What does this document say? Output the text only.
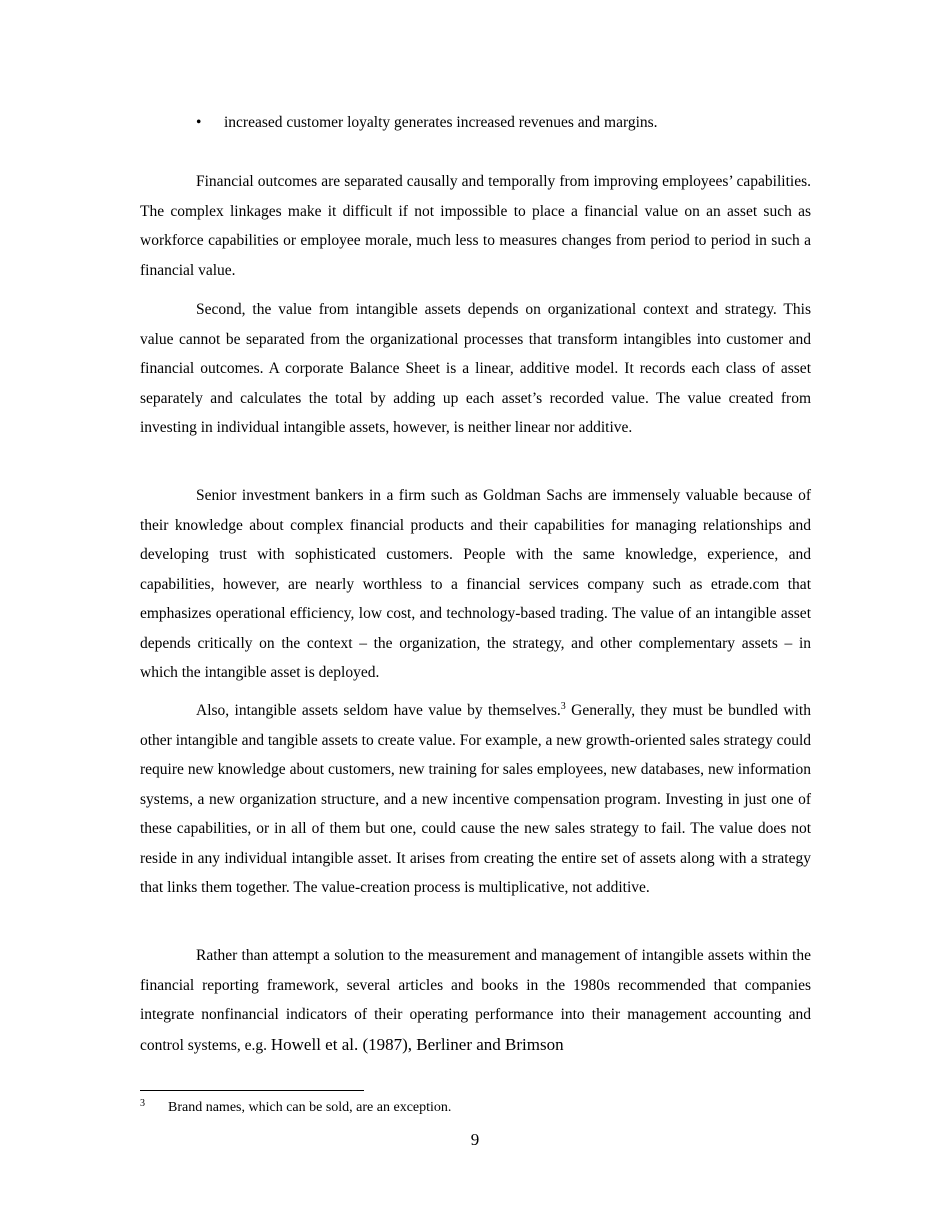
• increased customer loyalty generates increased revenues and margins.

Financial outcomes are separated causally and temporally from improving employees’ capabilities. The complex linkages make it difficult if not impossible to place a financial value on an asset such as workforce capabilities or employee morale, much less to measures changes from period to period in such a financial value.

Second, the value from intangible assets depends on organizational context and strategy. This value cannot be separated from the organizational processes that transform intangibles into customer and financial outcomes. A corporate Balance Sheet is a linear, additive model. It records each class of asset separately and calculates the total by adding up each asset’s recorded value. The value created from investing in individual intangible assets, however, is neither linear nor additive.

Senior investment bankers in a firm such as Goldman Sachs are immensely valuable because of their knowledge about complex financial products and their capabilities for managing relationships and developing trust with sophisticated customers. People with the same knowledge, experience, and capabilities, however, are nearly worthless to a financial services company such as etrade.com that emphasizes operational efficiency, low cost, and technology-based trading. The value of an intangible asset depends critically on the context – the organization, the strategy, and other complementary assets – in which the intangible asset is deployed.

Also, intangible assets seldom have value by themselves.$^3$ Generally, they must be bundled with other intangible and tangible assets to create value. For example, a new growth-oriented sales strategy could require new knowledge about customers, new training for sales employees, new databases, new information systems, a new organization structure, and a new incentive compensation program. Investing in just one of these capabilities, or in all of them but one, could cause the new sales strategy to fail. The value does not reside in any individual intangible asset. It arises from creating the entire set of assets along with a strategy that links them together. The value-creation process is multiplicative, not additive.

Rather than attempt a solution to the measurement and management of intangible assets within the financial reporting framework, several articles and books in the 1980s recommended that companies integrate nonfinancial indicators of their operating performance into their management accounting and control systems, e.g. Howell et al. (1987), Berliner and Brimson

3 Brand names, which can be sold, are an exception.
9
